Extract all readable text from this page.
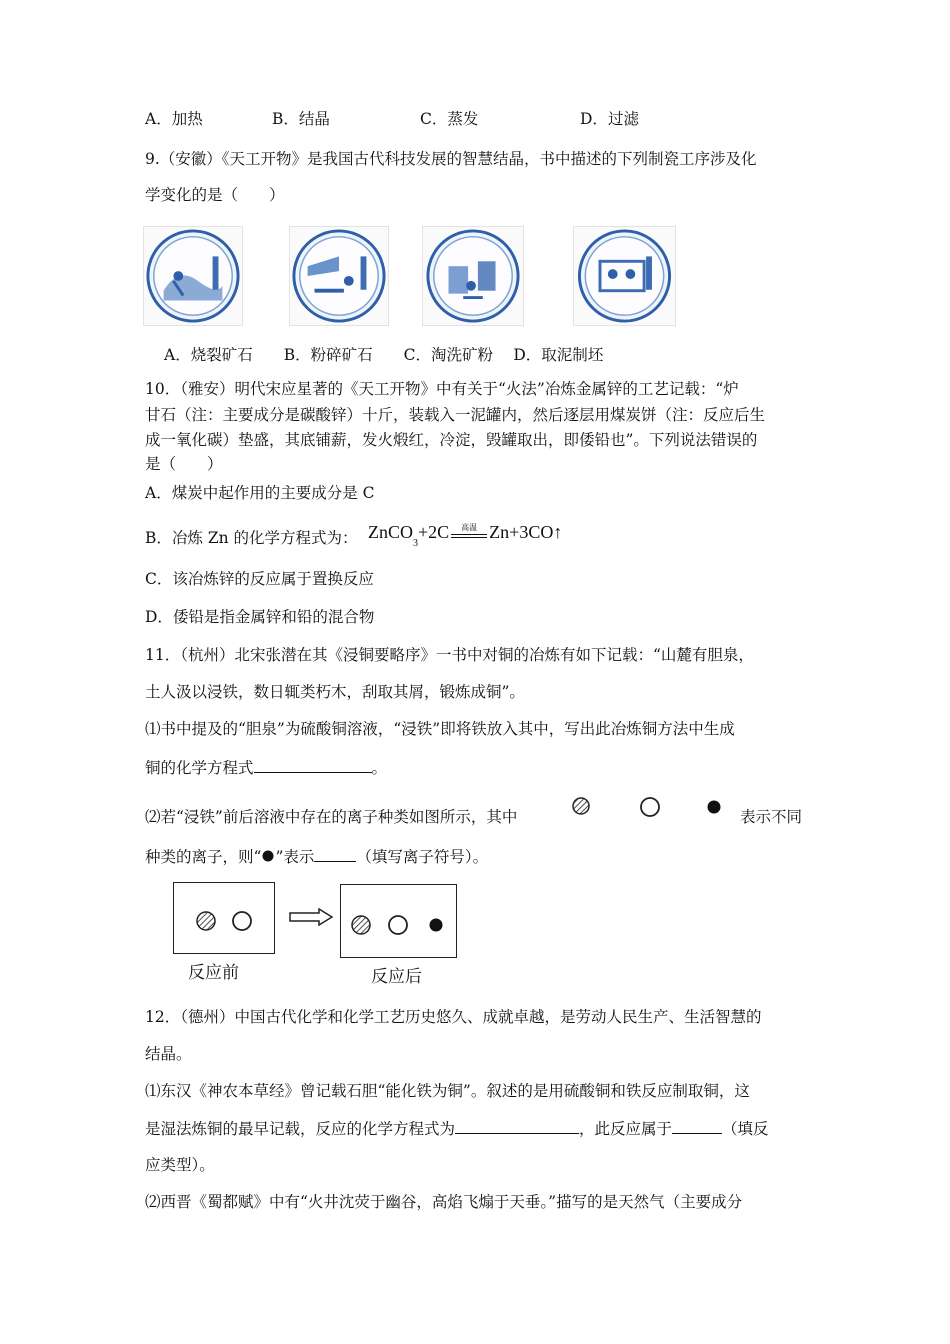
A．加热	B．结晶	C．蒸发	D．过滤
9.（安徽）《天工开物》是我国古代科技发展的智慧结晶，书中描述的下列制瓷工序涉及化
学变化的是（　　）
A．烧裂矿石　　B．粉碎矿石　　C．淘洗矿粉　 D．取泥制坯
10．（雅安）明代宋应星著的《天工开物》中有关于“火法”冶炼金属锌的工艺记载：“炉
甘石（注：主要成分是碳酸锌）十斤，装载入一泥罐内，然后逐层用煤炭饼（注：反应后生
成一氧化碳）垫盛，其底铺薪，发火煅红，冷淀，毁罐取出，即倭铅也”。下列说法错误的
是（　　）
A．煤炭中起作用的主要成分是 C
B．冶炼 Zn 的化学方程式为： ZnCO$_3$+2C	高温 Zn+3CO↑
C．该冶炼锌的反应属于置换反应
D．倭铅是指金属锌和铅的混合物
11．（杭州）北宋张潜在其《浸铜要略序》一书中对铜的冶炼有如下记载：“山麓有胆泉，
土人汲以浸铁，数日辄类朽木，刮取其屑，锻炼成铜”。
⑴书中提及的“胆泉”为硫酸铜溶液，“浸铁”即将铁放入其中，写出此冶炼铜方法中生成
铜的化学方程式	。
⑵若“浸铁”前后溶液中存在的离子种类如图所示，其中	表示不同
种类的离子，则“ ”表示	（填写离子符号）。
反应前	反应后
12．（德州）中国古代化学和化学工艺历史悠久、成就卓越，是劳动人民生产、生活智慧的
结晶。
⑴东汉《神农本草经》曾记载石胆“能化铁为铜”。叙述的是用硫酸铜和铁反应制取铜，这
是湿法炼铜的最早记载，反应的化学方程式为	，此反应属于	（填反
应类型）。
⑵西晋《蜀都赋》中有“火井沈荧于幽谷，高焰飞煽于天垂。”描写的是天然气（主要成分
